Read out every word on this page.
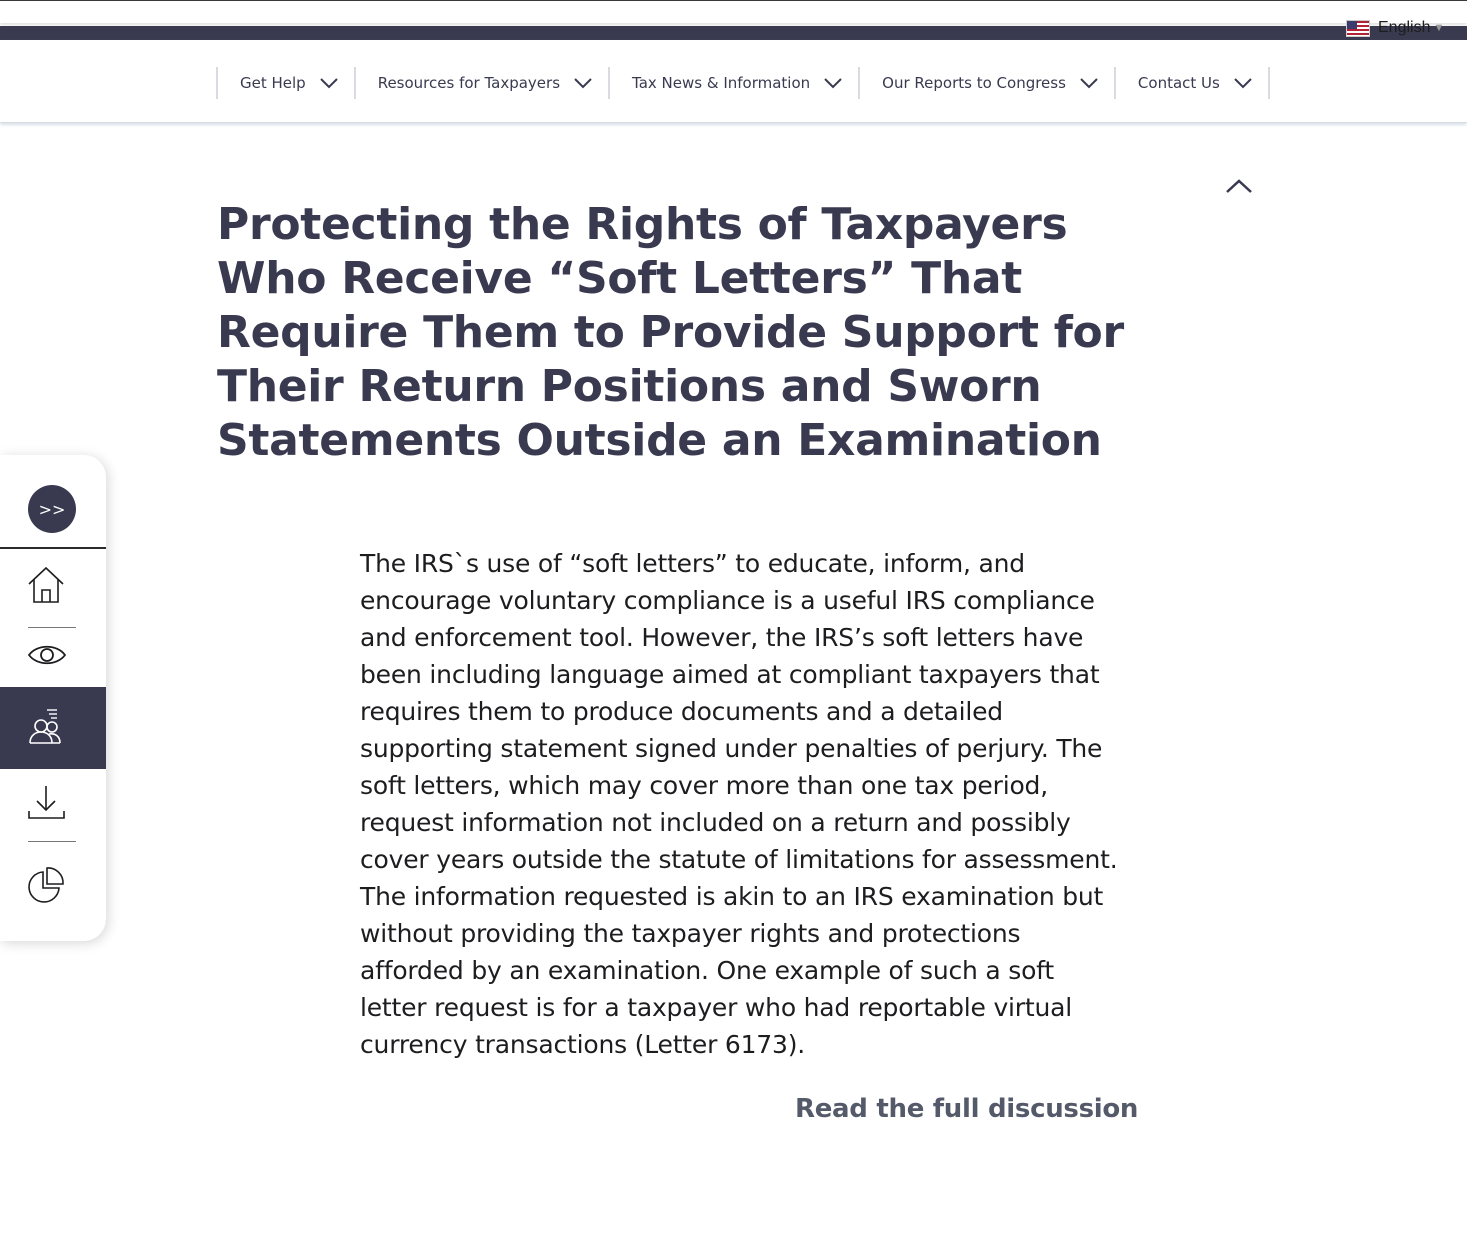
English ▼
Get Help	Resources for Taxpayers	Tax News & Information	Our Reports to Congress	Contact Us
Protecting the Rights of Taxpayers Who Receive “Soft Letters” That Require Them to Provide Support for Their Return Positions and Sworn Statements Outside an Examination

The IRS`s use of “soft letters” to educate, inform, and encourage voluntary compliance is a useful IRS compliance and enforcement tool. However, the IRS’s soft letters have been including language aimed at compliant taxpayers that requires them to produce documents and a detailed supporting statement signed under penalties of perjury. The soft letters, which may cover more than one tax period, request information not included on a return and possibly cover years outside the statute of limitations for assessment. The information requested is akin to an IRS examination but without providing the taxpayer rights and protections afforded by an examination. One example of such a soft letter request is for a taxpayer who had reportable virtual currency transactions (Letter 6173).

Read the full discussion
>>
